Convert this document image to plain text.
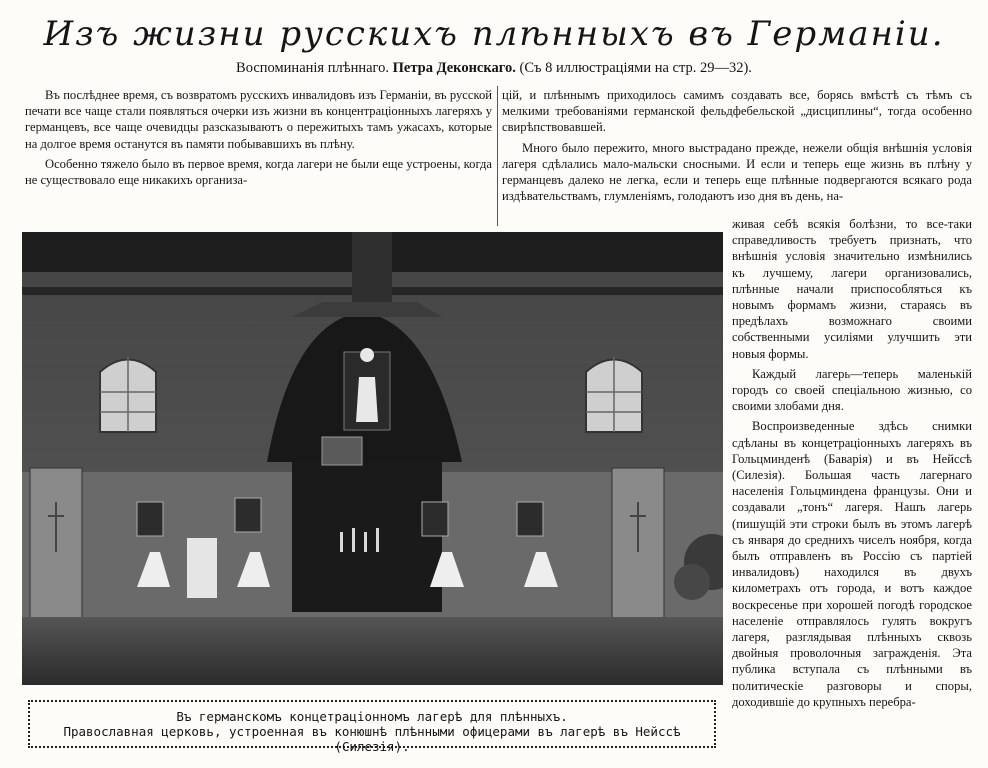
Изъ жизни русскихъ плѣнныхъ въ Германіи.
Воспоминанія плѣннаго. Петра Деконскаго. (Съ 8 иллюстраціями на стр. 29—32).

Въ послѣднее время, съ возвратомъ русскихъ инвалидовъ изъ Германіи, въ русской печати все чаще стали появляться очерки изъ жизни въ концентраціонныхъ лагеряхъ у германцевъ, все чаще очевидцы разсказываютъ о пережитыхъ тамъ ужасахъ, которые на долгое время останутся въ памяти побывавшихъ въ плѣну.

Особенно тяжело было въ первое время, когда лагери не были еще устроены, когда не существовало еще никакихъ организа-

цій, и плѣннымъ приходилось самимъ создавать все, борясь вмѣстѣ съ тѣмъ съ мелкими требованіями германской фельдфебельской „дисциплины“, тогда особенно свирѣпствовавшей.

Много было пережито, много выстрадано прежде, нежели общія внѣшнія условія лагеря сдѣлались мало-мальски сносными. И если и теперь еще жизнь въ плѣну у германцевъ далеко не легка, если и теперь еще плѣнные подвергаются всякаго рода издѣвательствамъ, глумленіямъ, голодаютъ изо дня въ день, на-

живая себѣ всякія болѣзни, то все-таки справедливость требуетъ признать, что внѣшнія условія значительно измѣнились къ лучшему, лагери организовались, плѣнные начали приспособляться къ новымъ формамъ жизни, стараясь въ предѣлахъ возможнаго своими собственными усиліями улучшить эти новыя формы.

Каждый лагерь—теперь маленькій городъ со своей спеціальною жизнью, со своими злобами дня.

Воспроизведенные здѣсь снимки сдѣланы въ концетраціонныхъ лагеряхъ въ Гольцминденѣ (Баварія) и въ Нейссѣ (Силезія). Большая часть лагернаго населенія Гольцминдена французы. Они и создавали „тонъ“ лагеря. Нашъ лагерь (пишущій эти строки былъ въ этомъ лагерѣ съ января до среднихъ чиселъ ноября, когда былъ отправленъ въ Россію съ партіей инвалидовъ) находился въ двухъ километрахъ отъ города, и вотъ каждое воскресенье при хорошей погодѣ городское населеніе отправлялось гулять вокругъ лагеря, разглядывая плѣнныхъ сквозь двойныя проволочныя загражденія. Эта публика вступала съ плѣнными въ политическіе разговоры и споры, доходившіе до крупныхъ перебра-

Въ германскомъ концетраціонномъ лагерѣ для плѣнныхъ.
Православная церковь, устроенная въ конюшнѣ плѣнными офицерами въ лагерѣ въ Нейссѣ (Силезія).
